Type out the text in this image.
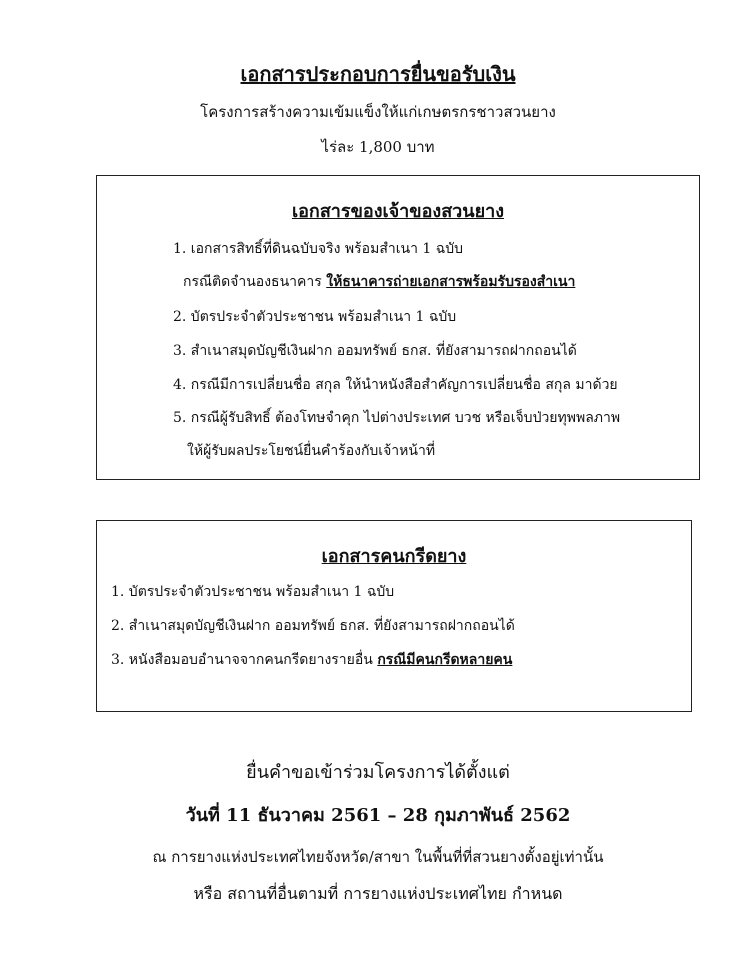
เอกสารประกอบการยื่นขอรับเงิน
โครงการสร้างความเข้มแข็งให้แก่เกษตรกรชาวสวนยาง
ไร่ละ 1,800 บาท
เอกสารของเจ้าของสวนยาง
1. เอกสารสิทธิ์ที่ดินฉบับจริง พร้อมสำเนา 1 ฉบับ
กรณีติดจำนองธนาคาร ให้ธนาคารถ่ายเอกสารพร้อมรับรองสำเนา
2. บัตรประจำตัวประชาชน พร้อมสำเนา 1 ฉบับ
3. สำเนาสมุดบัญชีเงินฝาก ออมทรัพย์ ธกส. ที่ยังสามารถฝากถอนได้
4. กรณีมีการเปลี่ยนชื่อ สกุล ให้นำหนังสือสำคัญการเปลี่ยนชื่อ สกุล มาด้วย
5. กรณีผู้รับสิทธิ์ ต้องโทษจำคุก ไปต่างประเทศ บวช หรือเจ็บป่วยทุพพลภาพ
ให้ผู้รับผลประโยชน์ยื่นคำร้องกับเจ้าหน้าที่
เอกสารคนกรีดยาง
1. บัตรประจำตัวประชาชน พร้อมสำเนา 1 ฉบับ
2. สำเนาสมุดบัญชีเงินฝาก ออมทรัพย์ ธกส. ที่ยังสามารถฝากถอนได้
3. หนังสือมอบอำนาจจากคนกรีดยางรายอื่น กรณีมีคนกรีดหลายคน
ยื่นคำขอเข้าร่วมโครงการได้ตั้งแต่
วันที่ 11 ธันวาคม 2561 – 28 กุมภาพันธ์ 2562
ณ การยางแห่งประเทศไทยจังหวัด/สาขา ในพื้นที่ที่สวนยางตั้งอยู่เท่านั้น
หรือ สถานที่อื่นตามที่ การยางแห่งประเทศไทย กำหนด
